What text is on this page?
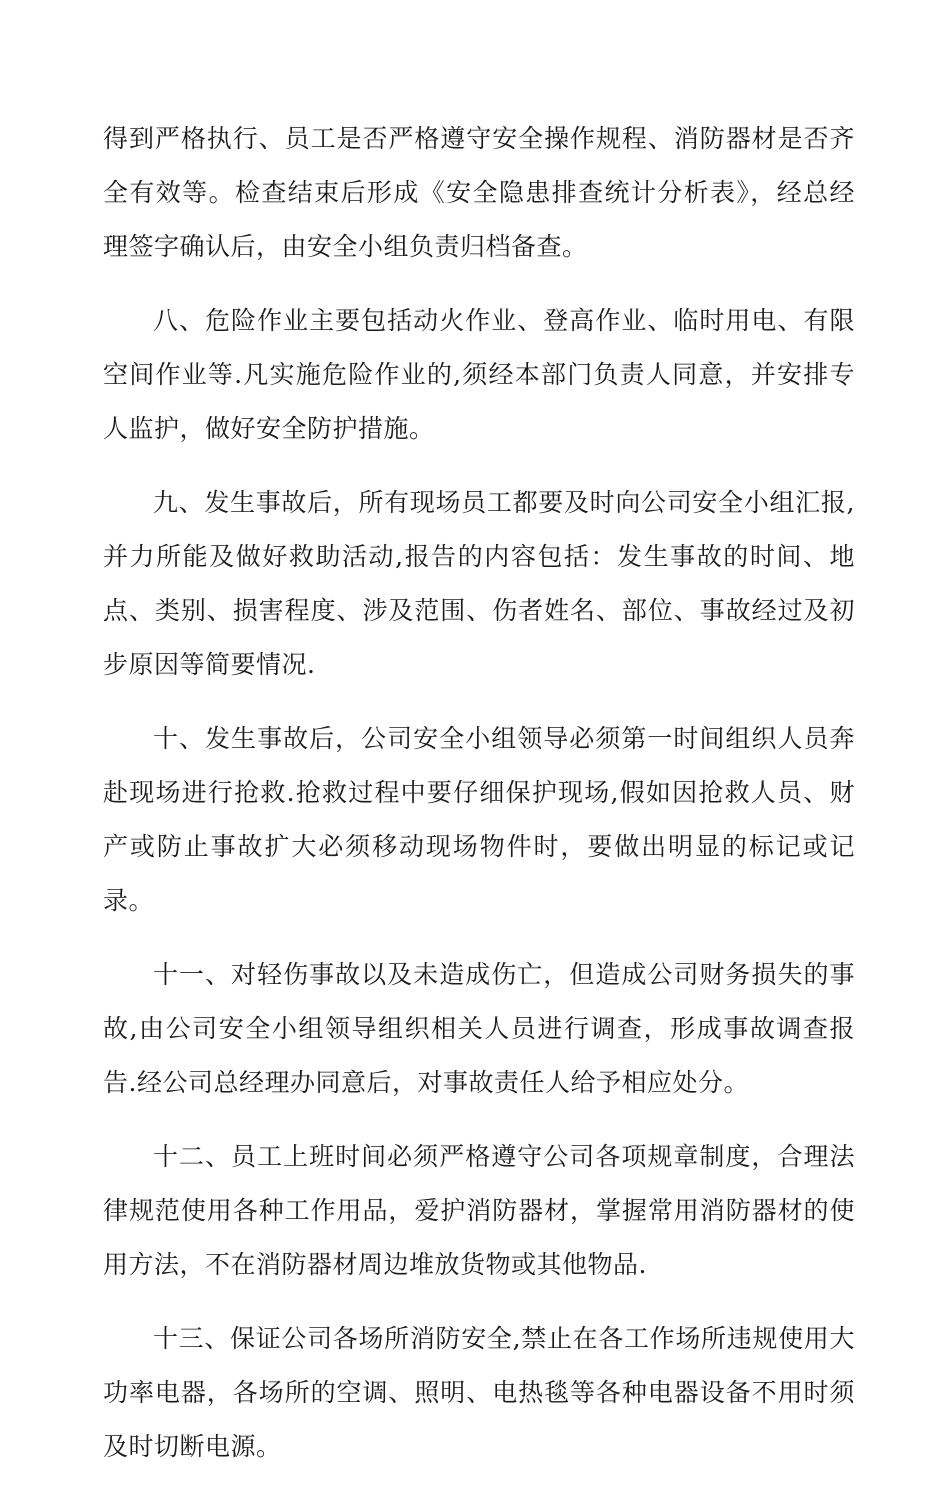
得到严格执行、员工是否严格遵守安全操作规程、消防器材是否齐全有效等。检查结束后形成《安全隐患排查统计分析表》，经总经理签字确认后，由安全小组负责归档备查。

八、危险作业主要包括动火作业、登高作业、临时用电、有限空间作业等.凡实施危险作业的,须经本部门负责人同意，并安排专人监护，做好安全防护措施。

九、发生事故后，所有现场员工都要及时向公司安全小组汇报,并力所能及做好救助活动,报告的内容包括：发生事故的时间、地点、类别、损害程度、涉及范围、伤者姓名、部位、事故经过及初步原因等简要情况.

十、发生事故后，公司安全小组领导必须第一时间组织人员奔赴现场进行抢救.抢救过程中要仔细保护现场,假如因抢救人员、财产或防止事故扩大必须移动现场物件时，要做出明显的标记或记录。

十一、对轻伤事故以及未造成伤亡，但造成公司财务损失的事故,由公司安全小组领导组织相关人员进行调查，形成事故调查报告.经公司总经理办同意后，对事故责任人给予相应处分。

十二、员工上班时间必须严格遵守公司各项规章制度，合理法律规范使用各种工作用品，爱护消防器材，掌握常用消防器材的使用方法，不在消防器材周边堆放货物或其他物品.

十三、保证公司各场所消防安全,禁止在各工作场所违规使用大功率电器，各场所的空调、照明、电热毯等各种电器设备不用时须及时切断电源。
